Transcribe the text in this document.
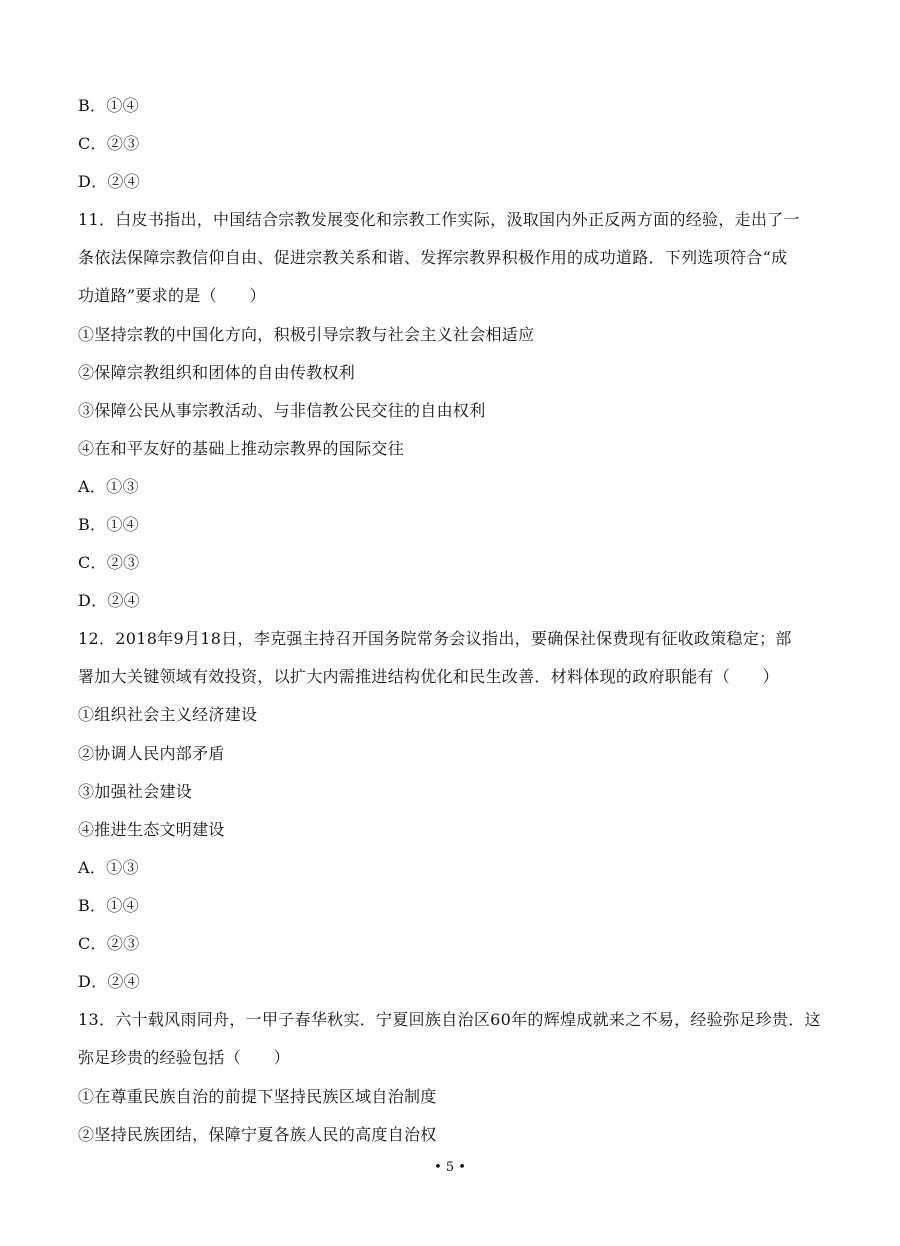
B．①④
C．②③
D．②④
11．白皮书指出，中国结合宗教发展变化和宗教工作实际，汲取国内外正反两方面的经验，走出了一
条依法保障宗教信仰自由、促进宗教关系和谐、发挥宗教界积极作用的成功道路．下列选项符合“成
功道路”要求的是（　　）
①坚持宗教的中国化方向，积极引导宗教与社会主义社会相适应
②保障宗教组织和团体的自由传教权利
③保障公民从事宗教活动、与非信教公民交往的自由权利
④在和平友好的基础上推动宗教界的国际交往
A．①③
B．①④
C．②③
D．②④
12．2018年9月18日，李克强主持召开国务院常务会议指出，要确保社保费现有征收政策稳定；部
署加大关键领域有效投资，以扩大内需推进结构优化和民生改善．材料体现的政府职能有（　　）
①组织社会主义经济建设
②协调人民内部矛盾
③加强社会建设
④推进生态文明建设
A．①③
B．①④
C．②③
D．②④
13．六十载风雨同舟，一甲子春华秋实．宁夏回族自治区60年的辉煌成就来之不易，经验弥足珍贵．这
弥足珍贵的经验包括（　　）
①在尊重民族自治的前提下坚持民族区域自治制度
②坚持民族团结，保障宁夏各族人民的高度自治权
• 5 •
